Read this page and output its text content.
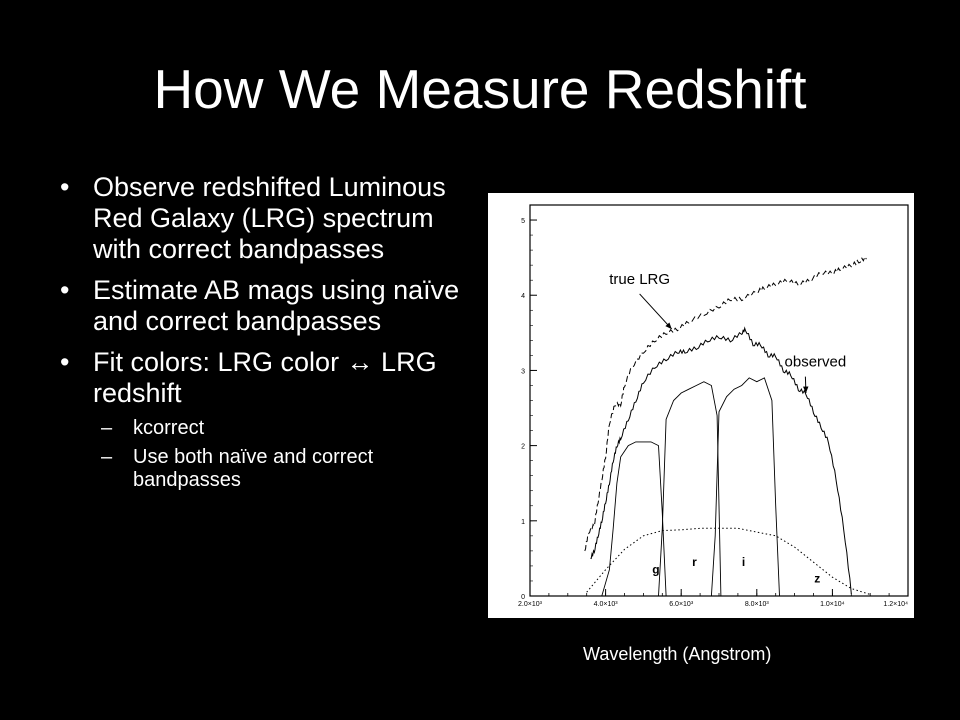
How We Measure Redshift
• Observe redshifted Luminous Red Galaxy (LRG) spectrum with correct bandpasses
• Estimate AB mags using naïve and correct bandpasses
• Fit colors: LRG color ↔ LRG redshift
– kcorrect
– Use both naïve and correct bandpasses
2.0×10³	4.0×10³	6.0×10³	8.0×10³	1.0×10⁴	1.2×10⁴
0
1
2
3
4
5
true LRG
observed
g
r	i
z
Photon Flux Density
Wavelength (Angstrom)
